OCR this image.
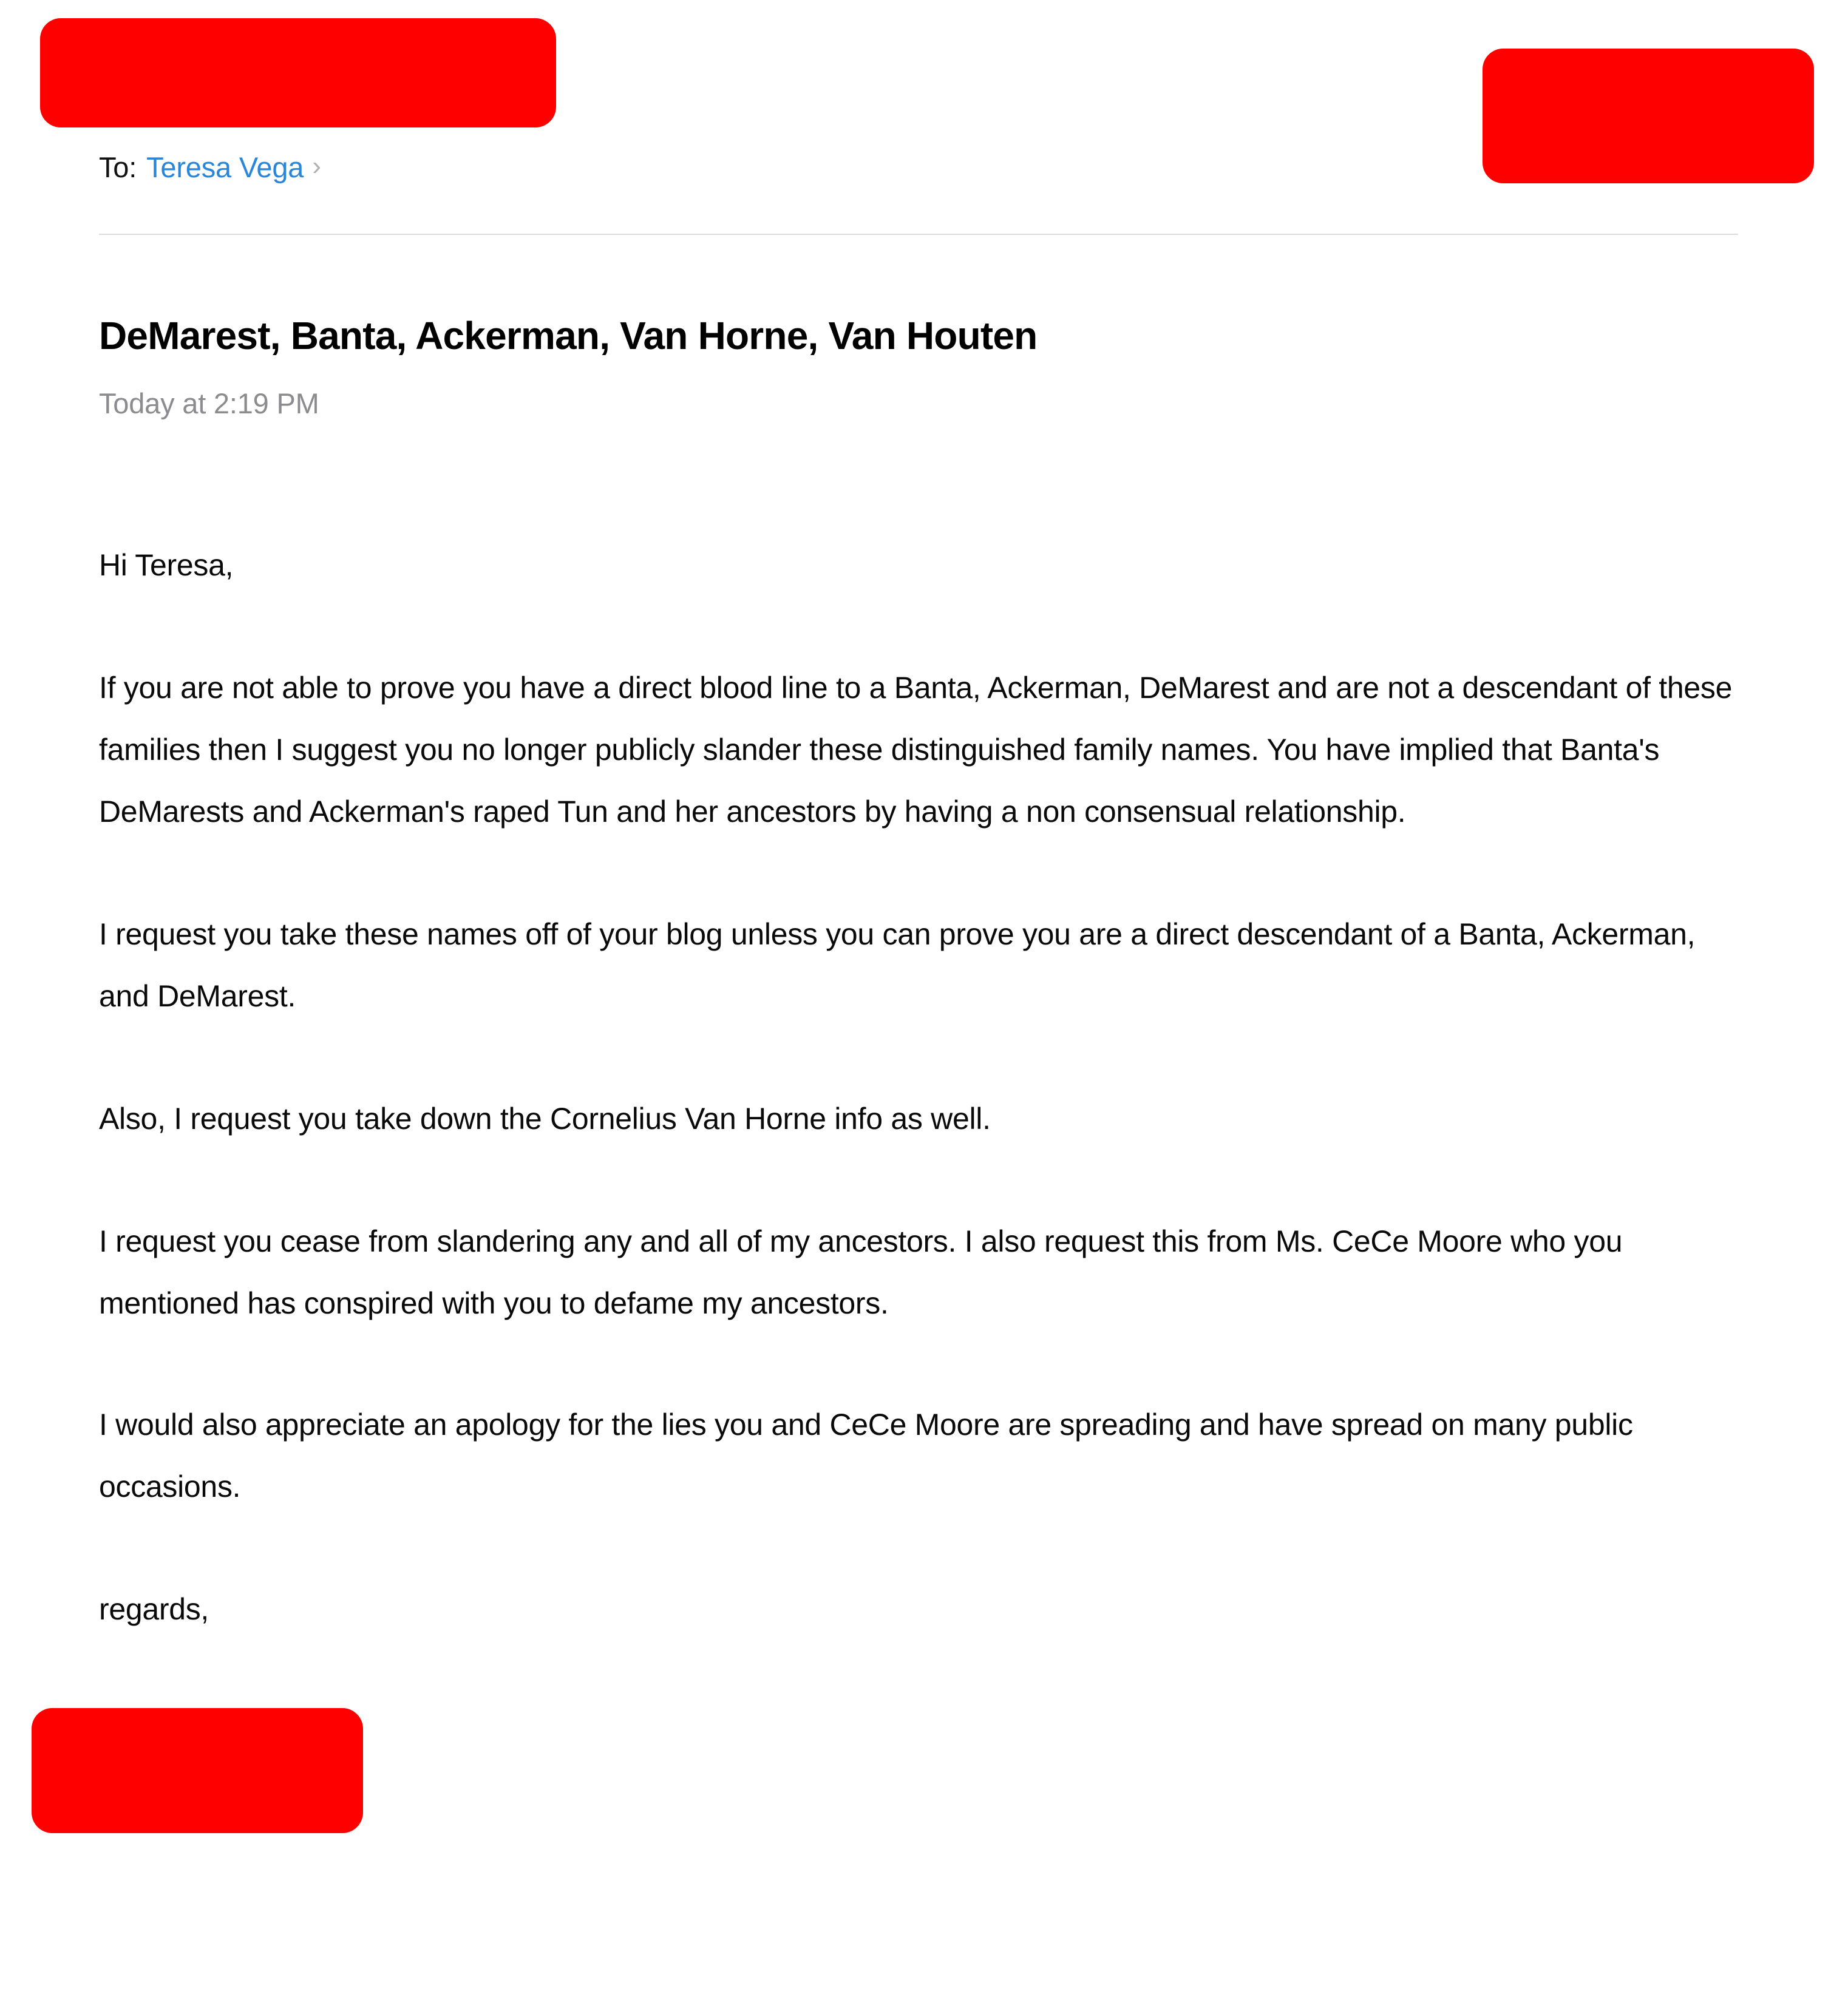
To: Teresa Vega ›
DeMarest, Banta, Ackerman, Van Horne, Van Houten
Today at 2:19 PM

Hi Teresa,

If you are not able to prove you have a direct blood line to a Banta, Ackerman, DeMarest and are not a descendant of these families then I suggest you no longer publicly slander these distinguished family names. You have implied that Banta's DeMarests and Ackerman's raped Tun and her ancestors by having a non consensual relationship.

I request you take these names off of your blog unless you can prove you are a direct descendant of a Banta, Ackerman, and DeMarest.

Also, I request you take down the Cornelius Van Horne info as well.

I request you cease from slandering any and all of my ancestors. I also request this from Ms. CeCe Moore who you mentioned has conspired with you to defame my ancestors.

I would also appreciate an apology for the lies you and CeCe Moore are spreading and have spread on many public occasions.

regards,
